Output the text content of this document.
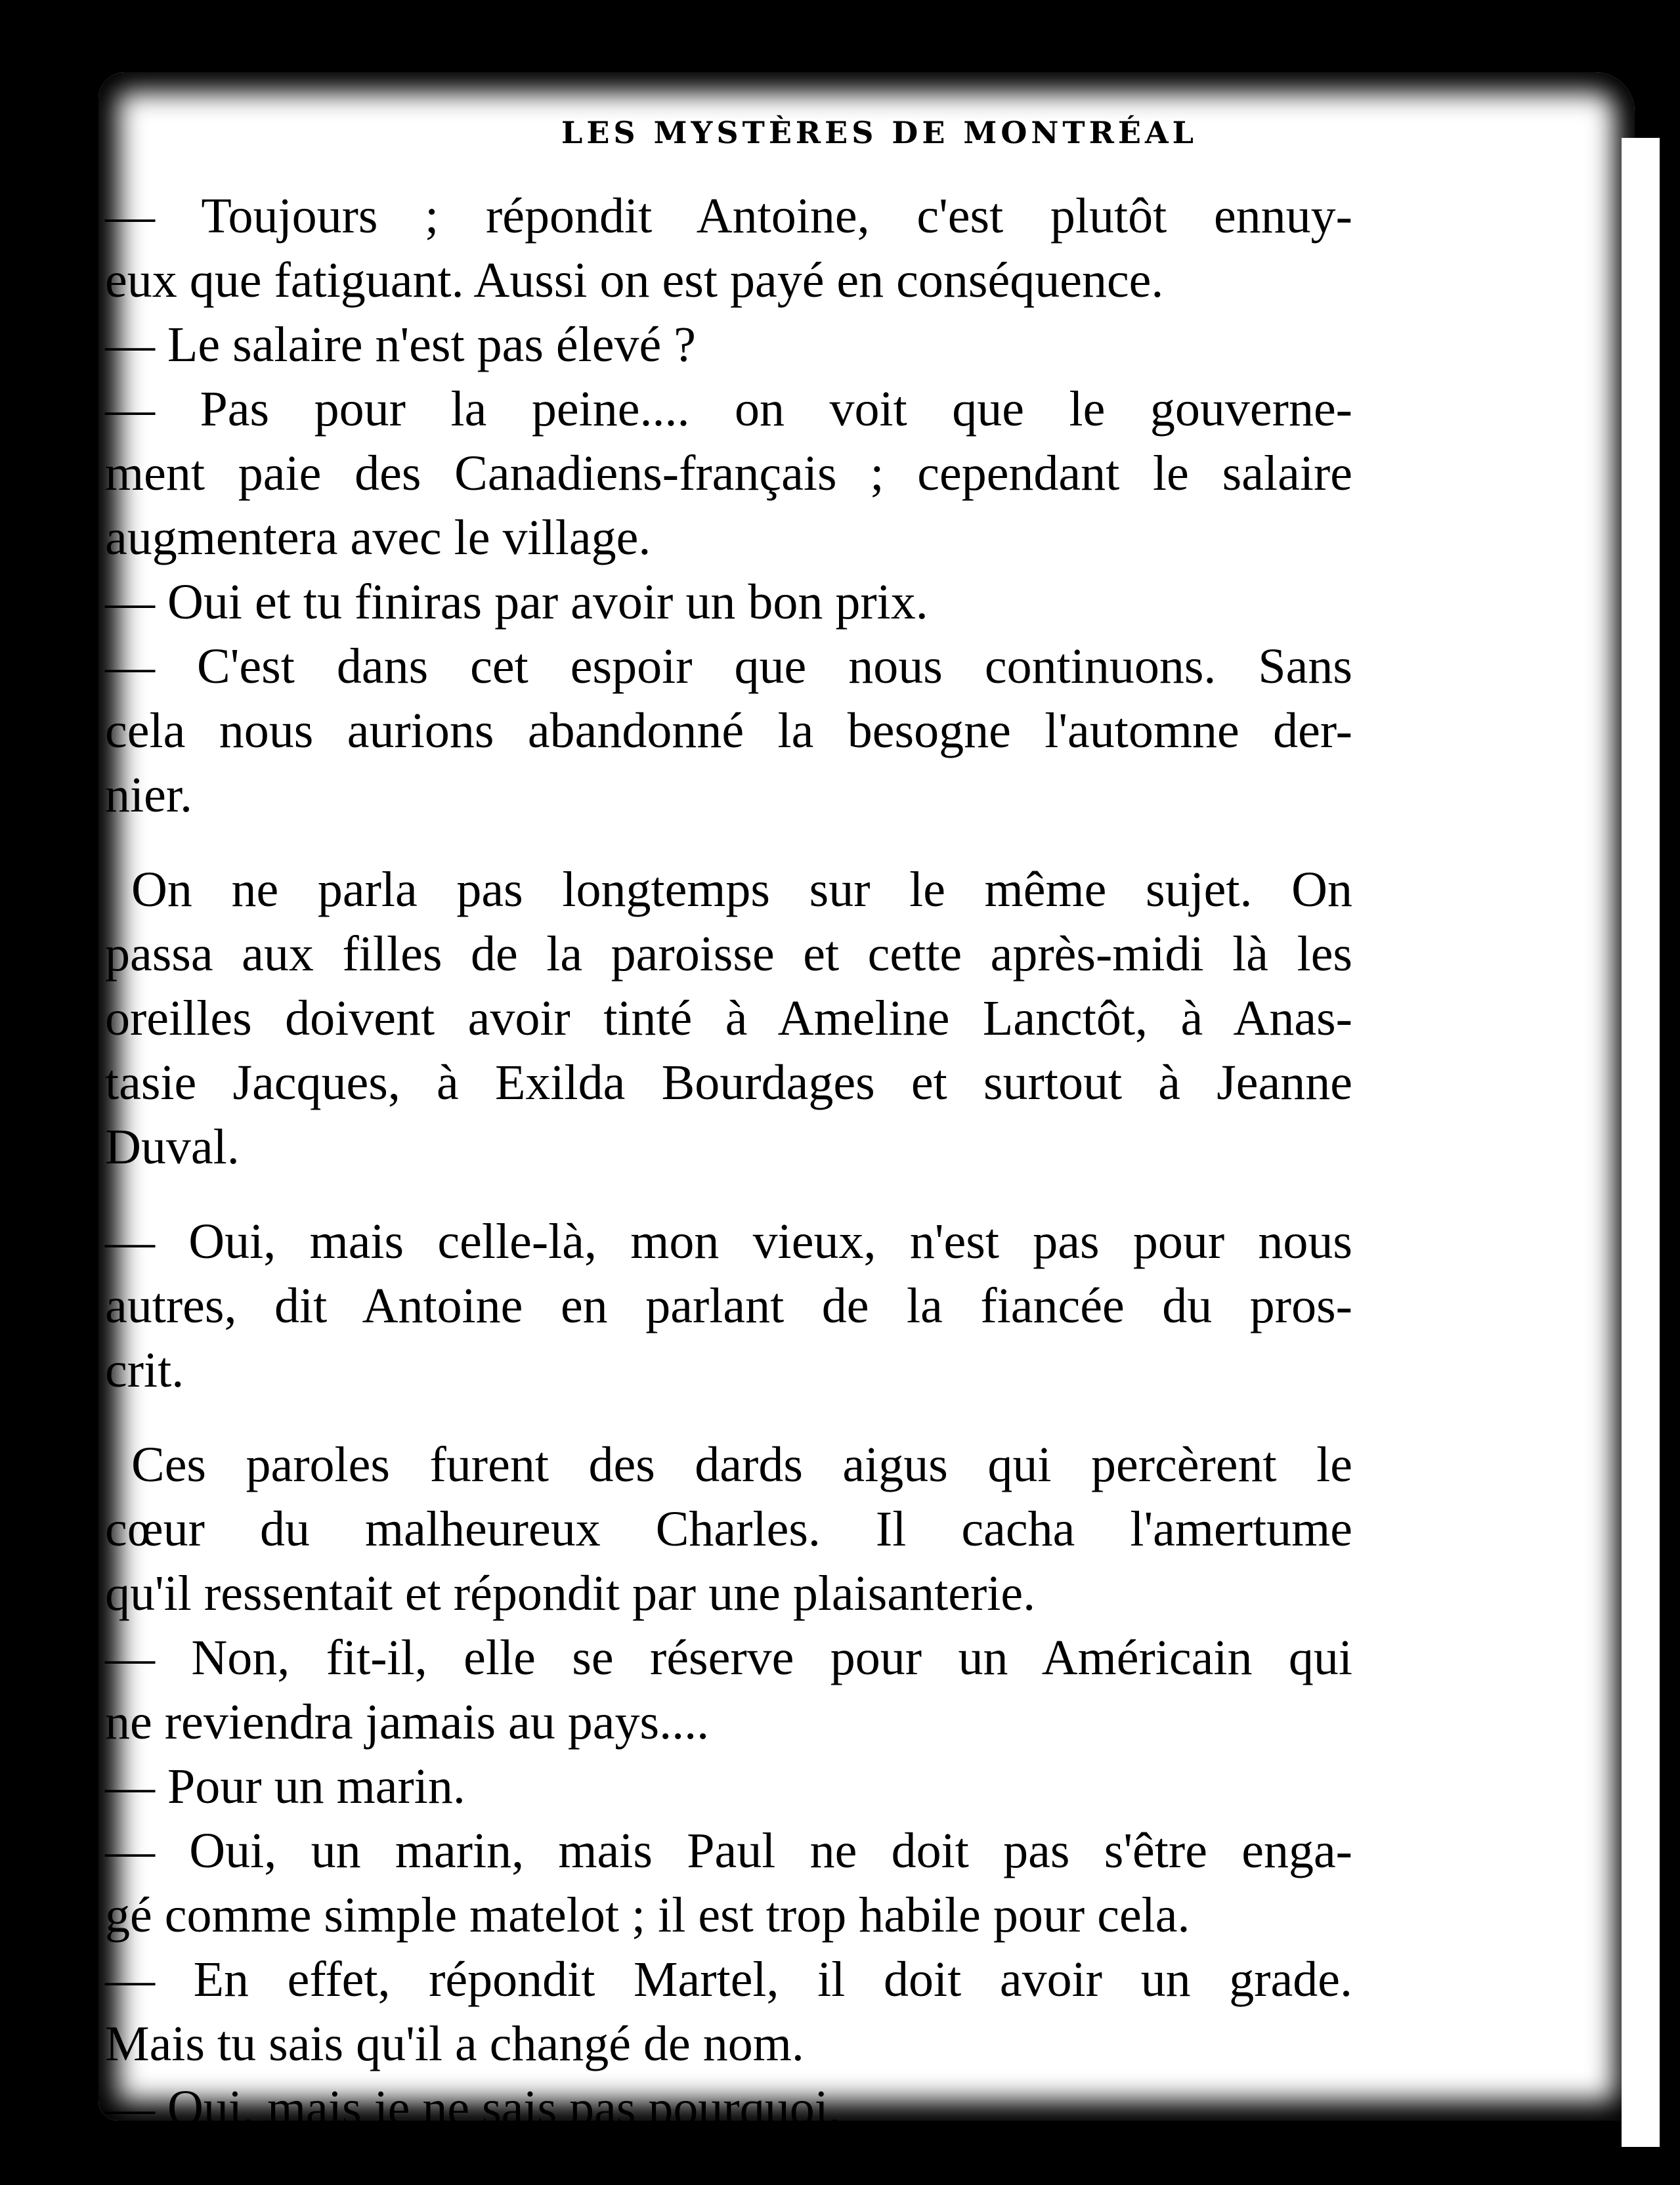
LES MYSTÈRES DE MONTRÉAL
— Toujours ; répondit Antoine, c'est plutôt ennuy-
eux que fatiguant. Aussi on est payé en conséquence.
— Le salaire n'est pas élevé ?
— Pas pour la peine.... on voit que le gouverne-
ment paie des Canadiens-français ; cependant le salaire
augmentera avec le village.
— Oui et tu finiras par avoir un bon prix.
— C'est dans cet espoir que nous continuons. Sans
cela nous aurions abandonné la besogne l'automne der-
nier.
On ne parla pas longtemps sur le même sujet. On
passa aux filles de la paroisse et cette après-midi là les
oreilles doivent avoir tinté à Ameline Lanctôt, à Anas-
tasie Jacques, à Exilda Bourdages et surtout à Jeanne
Duval.
— Oui, mais celle-là, mon vieux, n'est pas pour nous
autres, dit Antoine en parlant de la fiancée du pros-
crit.
Ces paroles furent des dards aigus qui percèrent le
cœur du malheureux Charles. Il cacha l'amertume
qu'il ressentait et répondit par une plaisanterie.
— Non, fit-il, elle se réserve pour un Américain qui
ne reviendra jamais au pays....
— Pour un marin.
— Oui, un marin, mais Paul ne doit pas s'être enga-
gé comme simple matelot ; il est trop habile pour cela.
— En effet, répondit Martel, il doit avoir un grade.
Mais tu sais qu'il a changé de nom.
— Oui, mais je ne sais pas pourquoi.
